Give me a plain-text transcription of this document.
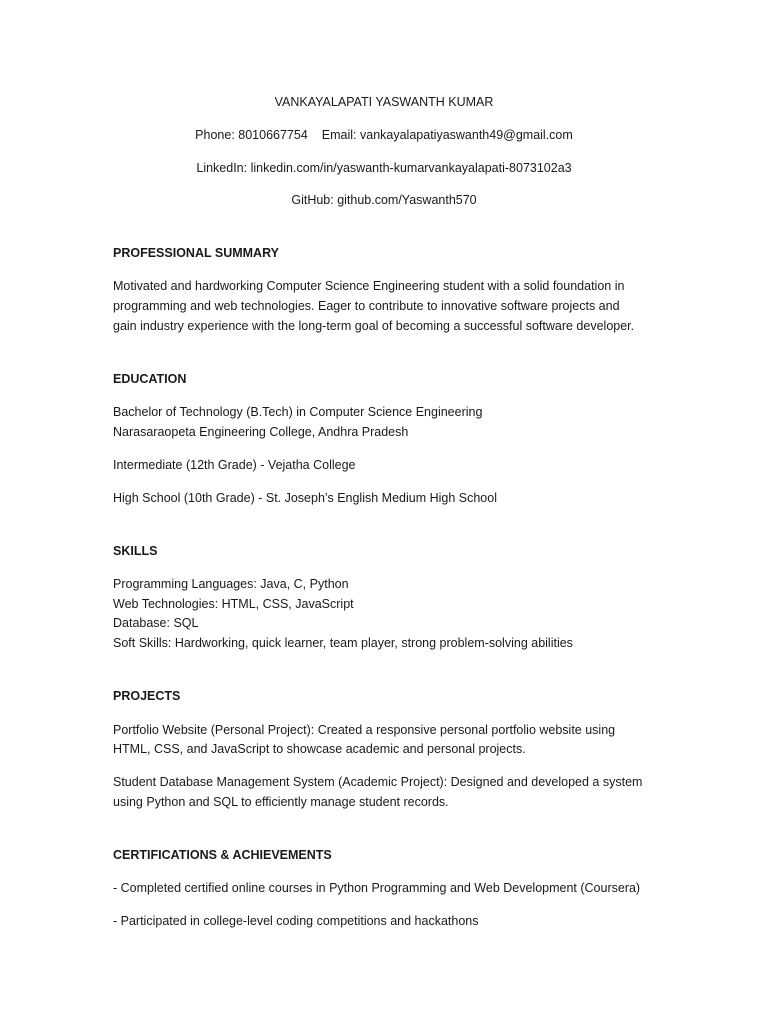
VANKAYALAPATI YASWANTH KUMAR
Phone: 8010667754 Email: vankayalapatiyaswanth49@gmail.com
LinkedIn: linkedin.com/in/yaswanth-kumarvankayalapati-8073102a3
GitHub: github.com/Yaswanth570
PROFESSIONAL SUMMARY
Motivated and hardworking Computer Science Engineering student with a solid foundation in
programming and web technologies. Eager to contribute to innovative software projects and
gain industry experience with the long-term goal of becoming a successful software developer.
EDUCATION
Bachelor of Technology (B.Tech) in Computer Science Engineering
Narasaraopeta Engineering College, Andhra Pradesh
Intermediate (12th Grade) - Vejatha College
High School (10th Grade) - St. Joseph’s English Medium High School
SKILLS
Programming Languages: Java, C, Python
Web Technologies: HTML, CSS, JavaScript
Database: SQL
Soft Skills: Hardworking, quick learner, team player, strong problem-solving abilities
PROJECTS
Portfolio Website (Personal Project): Created a responsive personal portfolio website using
HTML, CSS, and JavaScript to showcase academic and personal projects.
Student Database Management System (Academic Project): Designed and developed a system
using Python and SQL to efficiently manage student records.
CERTIFICATIONS & ACHIEVEMENTS
- Completed certified online courses in Python Programming and Web Development (Coursera)
- Participated in college-level coding competitions and hackathons
